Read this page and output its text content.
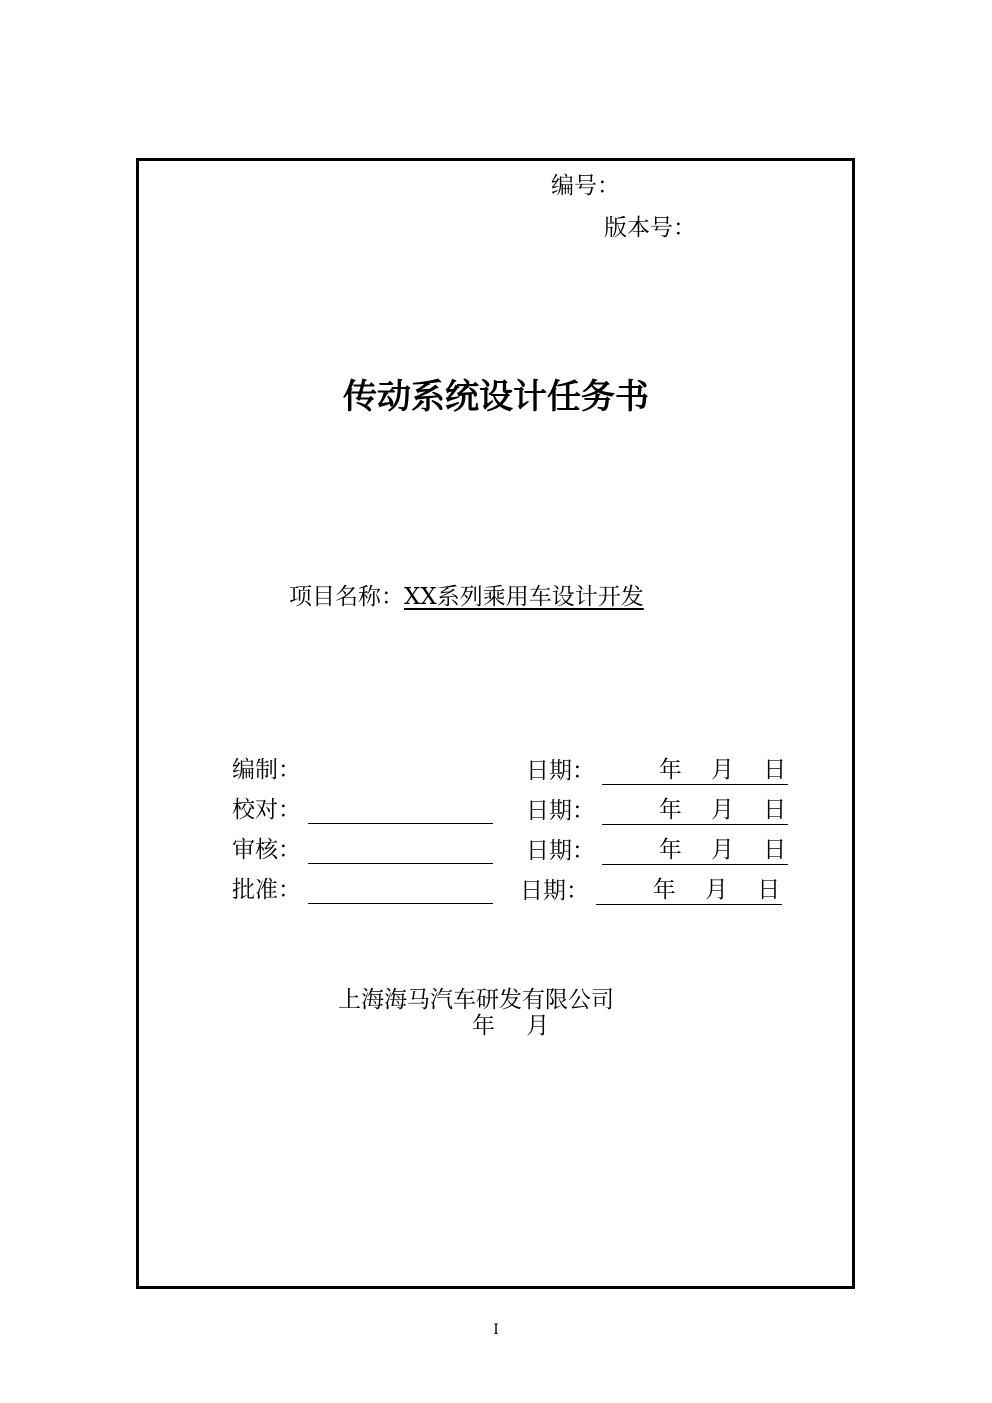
编号：
版本号：
传动系统设计任务书
项目名称：XX系列乘用车设计开发
编制：	日期：	年 月 日
校对：	日期：	年 月 日
审核：	日期：	年 月 日
批准：	日期：	年 月 日
上海海马汽车研发有限公司
年 月
I
